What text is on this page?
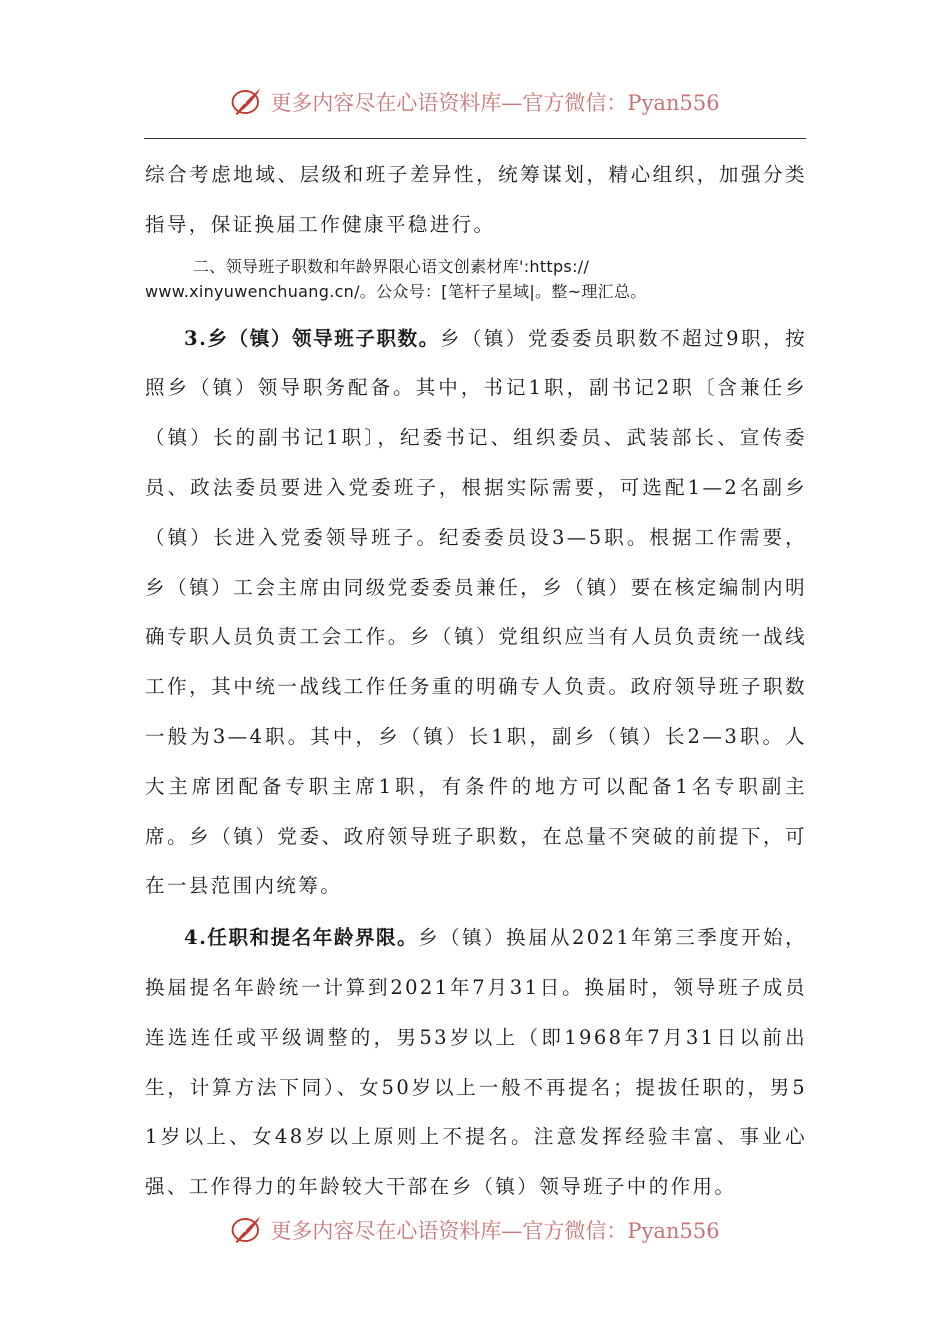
更多内容尽在心语资料库—官方微信：Pyan556

综合考虑地域、层级和班子差异性，统筹谋划，精心组织，加强分类指导，保证换届工作健康平稳进行。

二、领导班子职数和年龄界限心语文创素材库':https://
www.xinyuwenchuang.cn/。公众号：[笔杆子星域|。整~理汇总。

3.乡（镇）领导班子职数。乡（镇）党委委员职数不超过9职，按照乡（镇）领导职务配备。其中，书记1职，副书记2职〔含兼任乡（镇）长的副书记1职〕，纪委书记、组织委员、武装部长、宣传委员、政法委员要进入党委班子，根据实际需要，可选配1—2名副乡（镇）长进入党委领导班子。纪委委员设3—5职。根据工作需要，乡（镇）工会主席由同级党委委员兼任，乡（镇）要在核定编制内明确专职人员负责工会工作。乡（镇）党组织应当有人员负责统一战线工作，其中统一战线工作任务重的明确专人负责。政府领导班子职数一般为3—4职。其中，乡（镇）长1职，副乡（镇）长2—3职。人大主席团配备专职主席1职，有条件的地方可以配备1名专职副主席。乡（镇）党委、政府领导班子职数，在总量不突破的前提下，可在一县范围内统筹。

4.任职和提名年龄界限。乡（镇）换届从2021年第三季度开始，换届提名年龄统一计算到2021年7月31日。换届时，领导班子成员连选连任或平级调整的，男53岁以上（即1968年7月31日以前出生，计算方法下同）、女50岁以上一般不再提名；提拔任职的，男51岁以上、女48岁以上原则上不提名。注意发挥经验丰富、事业心强、工作得力的年龄较大干部在乡（镇）领导班子中的作用。

更多内容尽在心语资料库—官方微信：Pyan556
